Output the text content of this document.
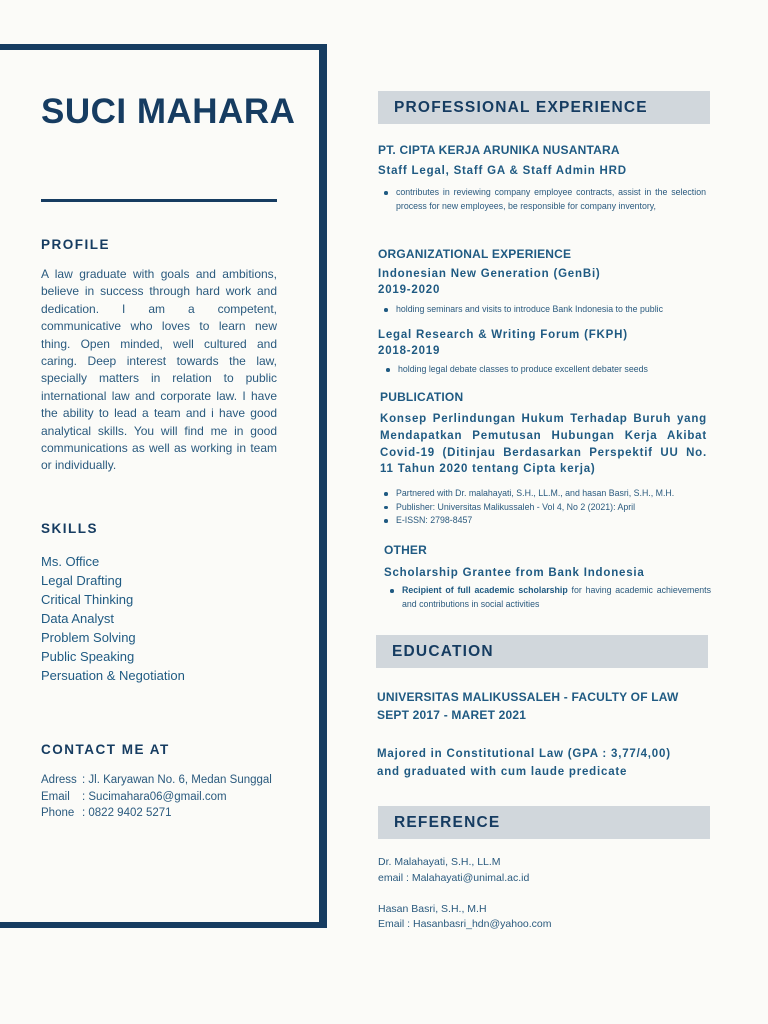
SUCI MAHARA
PROFILE
A law graduate with goals and ambitions, believe in success through hard work and dedication. I am a competent, communicative who loves to learn new thing. Open minded, well cultured and caring. Deep interest towards the law, specially matters in relation to public international law and corporate law. I have the ability to lead a team and i have good analytical skills. You will find me in good communications as well as working in team or individually.
SKILLS
Ms. Office
Legal Drafting
Critical Thinking
Data Analyst
Problem Solving
Public Speaking
Persuation & Negotiation
CONTACT ME AT
Adress : Jl. Karyawan No. 6, Medan Sunggal
Email : Sucimahara06@gmail.com
Phone : 0822 9402 5271
PROFESSIONAL EXPERIENCE
PT. CIPTA KERJA ARUNIKA NUSANTARA
Staff Legal, Staff GA & Staff Admin HRD
contributes in reviewing company employee contracts, assist in the selection process for new employees, be responsible for company inventory,
ORGANIZATIONAL EXPERIENCE
Indonesian New Generation (GenBi)
2019-2020
holding seminars and visits to introduce Bank Indonesia to the public
Legal Research & Writing Forum (FKPH)
2018-2019
holding legal debate classes to produce excellent debater seeds
PUBLICATION
Konsep Perlindungan Hukum Terhadap Buruh yang Mendapatkan Pemutusan Hubungan Kerja Akibat Covid-19 (Ditinjau Berdasarkan Perspektif UU No. 11 Tahun 2020 tentang Cipta kerja)
Partnered with Dr. malahayati, S.H., LL.M., and hasan Basri, S.H., M.H.
Publisher: Universitas Malikussaleh - Vol 4, No 2 (2021): April
E-ISSN: 2798-8457
OTHER
Scholarship Grantee from Bank Indonesia
Recipient of full academic scholarship for having academic achievements and contributions in social activities
EDUCATION
UNIVERSITAS MALIKUSSALEH - FACULTY OF LAW
SEPT 2017 - MARET 2021
Majored in Constitutional Law (GPA : 3,77/4,00)
and graduated with cum laude predicate
REFERENCE
Dr. Malahayati, S.H., LL.M
email : Malahayati@unimal.ac.id
Hasan Basri, S.H., M.H
Email : Hasanbasri_hdn@yahoo.com
